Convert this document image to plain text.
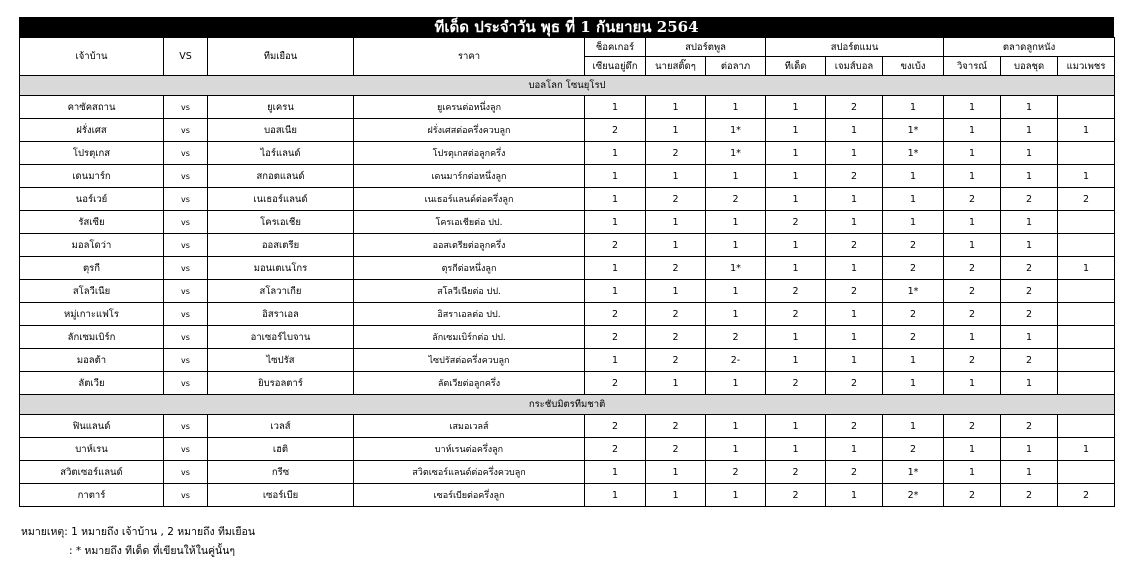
ทีเด็ด ประจำวัน พุธ ที่ 1 กันยายน 2564
เจ้าบ้าน	VS	ทีมเยือน	ราคา	ช็อคเกอร์	สปอร์ตพูล		สปอร์ตแมน			ตลาดลูกหนัง		
				เซียนอยู่ดึก	นายสติ๊ดๆ	ต่อลาภ	ทีเด็ด	เจมส์บอล	ขงเบ้ง	วิจารณ์	บอลชุด	แมวเพชร
บอลโลก โซนยุโรป												
คาซัคสถาน	vs	ยูเครน	ยูเครนต่อหนึ่งลูก	1	1	1	1	2	1	1	1	
ฝรั่งเศส	vs	บอสเนีย	ฝรั่งเศสต่อครึ่งควบลูก	2	1	1*	1	1	1*	1	1	1
โปรตุเกส	vs	ไอร์แลนด์	โปรตุเกสต่อลูกครึ่ง	1	2	1*	1	1	1*	1	1	
เดนมาร์ก	vs	สกอตแลนด์	เดนมาร์กต่อหนึ่งลูก	1	1	1	1	2	1	1	1	1
นอร์เวย์	vs	เนเธอร์แลนด์	เนเธอร์แลนด์ต่อครึ่งลูก	1	2	2	1	1	1	2	2	2
รัสเซีย	vs	โครเอเชีย	โครเอเชียต่อ ปป.	1	1	1	2	1	1	1	1	
มอลโดว่า	vs	ออสเตรีย	ออสเตรียต่อลูกครึ่ง	2	1	1	1	2	2	1	1	
ตุรกี	vs	มอนเตเนโกร	ตุรกีต่อหนึ่งลูก	1	2	1*	1	1	2	2	2	1
สโลวีเนีย	vs	สโลวาเกีย	สโลวีเนียต่อ ปป.	1	1	1	2	2	1*	2	2	
หมู่เกาะแฟโร	vs	อิสราเอล	อิสราเอลต่อ ปป.	2	2	1	2	1	2	2	2	
ลักเซมเบิร์ก	vs	อาเซอร์ไบจาน	ลักเซมเบิร์กต่อ ปป.	2	2	2	1	1	2	1	1	
มอลต้า	vs	ไซปรัส	ไซปรัสต่อครึ่งควบลูก	1	2	2-	1	1	1	2	2	
ลัตเวีย	vs	ยิบรอลตาร์	ลัตเวียต่อลูกครึ่ง	2	1	1	2	2	1	1	1	
กระชับมิตรทีมชาติ												
ฟินแลนด์	vs	เวลส์	เสมอเวลส์	2	2	1	1	2	1	2	2	
บาห์เรน	vs	เฮติ	บาห์เรนต่อครึ่งลูก	2	2	1	1	1	2	1	1	1
สวิตเซอร์แลนด์	vs	กรีซ	สวิตเซอร์แลนด์ต่อครึ่งควบลูก	1	1	2	2	2	1*	1	1	
กาตาร์	vs	เซอร์เบีย	เซอร์เบียต่อครึ่งลูก	1	1	1	2	1	2*	2	2	2
หมายเหตุ: 1 หมายถึง เจ้าบ้าน , 2 หมายถึง ทีมเยือน
: * หมายถึง ทีเด็ด ที่เขียนให้ในคู่นั้นๆ
